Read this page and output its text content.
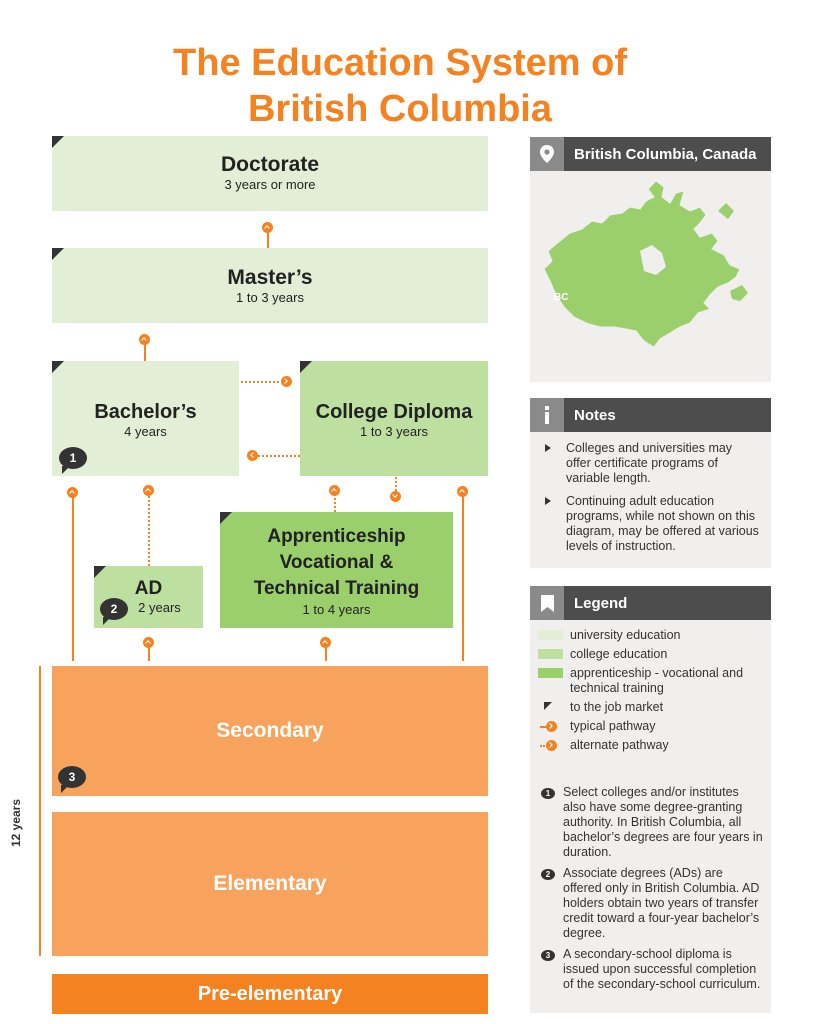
The Education System of
British Columbia
Doctorate
3 years or more
Master’s
1 to 3 years
Bachelor’s
4 years
1
College Diploma
1 to 3 years
AD
2 years
2
Apprenticeship
Vocational &
Technical Training
1 to 4 years
12 years
Secondary
3
Elementary
Pre-elementary
British Columbia, Canada
BC
Notes
Colleges and universities may offer certificate programs of variable length.
Continuing adult education programs, while not shown on this diagram, may be offered at various levels of instruction.
Legend
university education
college education
apprenticeship - vocational and technical training
to the job market
typical pathway
alternate pathway
1	Select colleges and/or institutes also have some degree-granting authority. In British Columbia, all bachelor’s degrees are four years in duration.
2	Associate degrees (ADs) are offered only in British Columbia. AD holders obtain two years of transfer credit toward a four-year bachelor’s degree.
3	A secondary-school diploma is issued upon successful completion of the secondary-school curriculum.
